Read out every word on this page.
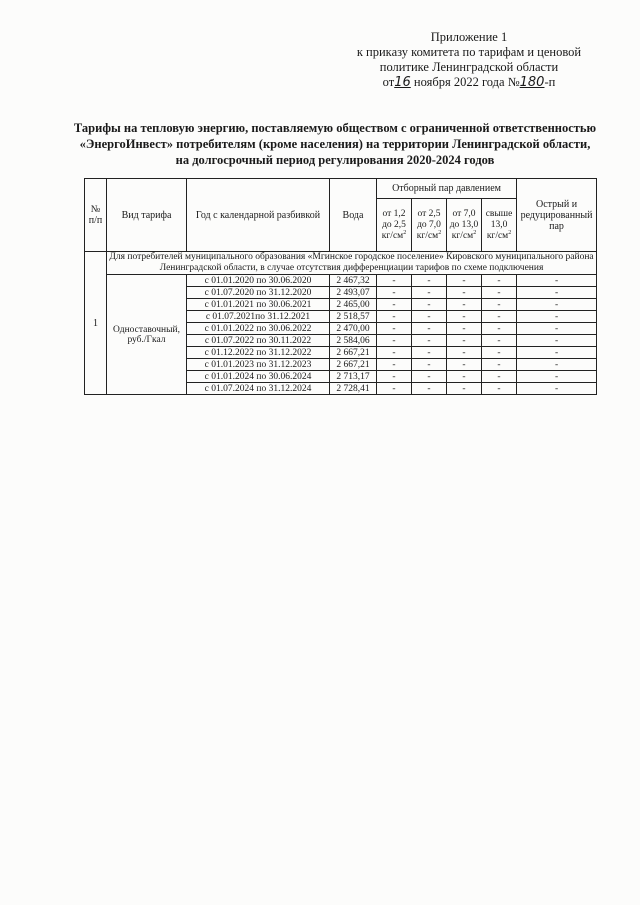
Приложение 1
к приказу комитета по тарифам и ценовой
политике Ленинградской области
от16 ноября 2022 года №180-п
Тарифы на тепловую энергию, поставляемую обществом с ограниченной ответственностью
«ЭнергоИнвест» потребителям (кроме населения) на территории Ленинградской области,
на долгосрочный период регулирования 2020-2024 годов
№ п/п	Вид тарифа	Год с календарной разбивкой	Вода	Отборный пар давлением				Острый и редуцированный пар
				от 1,2 до 2,5 $кг/см^2$	от 2,5 до 7,0 $кг/см^2$	от 7,0 до 13,0 $кг/см^2$	свыше 13,0 $кг/см^2$
1	Для потребителей муниципального образования «Мгинское городское поселение» Кировского муниципального района Ленинградской области, в случае отсутствия дифференциации тарифов по схеме подключения							
	Одноставочный, руб./Гкал	с 01.01.2020 по 30.06.2020	2 467,32	-	-	-	-	-
		с 01.07.2020 по 31.12.2020	2 493,07	-	-	-	-	-
		с 01.01.2021 по 30.06.2021	2 465,00	-	-	-	-	-
		с 01.07.2021по 31.12.2021	2 518,57	-	-	-	-	-
		с 01.01.2022 по 30.06.2022	2 470,00	-	-	-	-	-
		с 01.07.2022 по 30.11.2022	2 584,06	-	-	-	-	-
		с 01.12.2022 по 31.12.2022	2 667,21	-	-	-	-	-
		с 01.01.2023 по 31.12.2023	2 667,21	-	-	-	-	-
		с 01.01.2024 по 30.06.2024	2 713,17	-	-	-	-	-
		с 01.07.2024 по 31.12.2024	2 728,41	-	-	-	-	-
